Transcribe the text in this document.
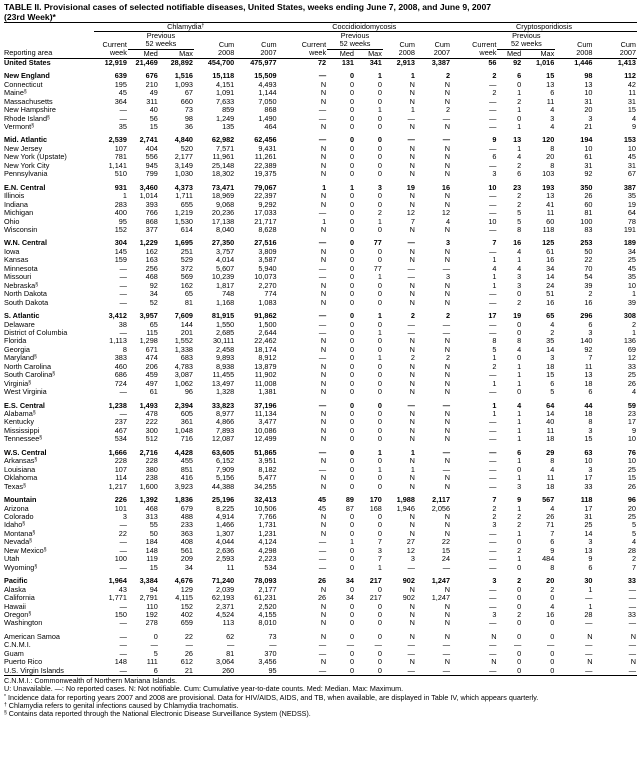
TABLE II. Provisional cases of selected notifiable diseases, United States, weeks ending June 7, 2008, and June 9, 2007
(23rd Week)*
	Chlamydia†					Coccidioidomycosis					Cryptosporidiosis				
		Previous					Previous					Previous			
	Current	52 weeks		Cum	Cum	Current	52 weeks		Cum	Cum	Current	52 weeks		Cum	Cum
Reporting area	week	Med	Max	2008	2007	week	Med	Max	2008	2007	week	Med	Max	2008	2007
United States	12,919	21,469	28,892	454,700	475,977	72	131	341	2,913	3,387	56	92	1,016	1,446	1,413

New England	639	676	1,516	15,118	15,509	—	0	1	1	2	2	6	15	98	112
Connecticut	195	210	1,093	4,151	4,493	N	0	0	N	N	—	0	13	13	42
Maine§	45	49	67	1,091	1,144	N	0	0	N	N	2	1	6	10	11
Massachusetts	364	311	660	7,633	7,050	N	0	0	N	N	—	2	11	31	31
New Hampshire	—	40	73	859	868	—	0	1	1	2	—	1	4	20	15
Rhode Island§	—	56	98	1,249	1,490	—	0	0	—	—	—	0	3	3	4
Vermont§	35	15	36	135	464	N	0	0	N	N	—	1	4	21	9

Mid. Atlantic	2,539	2,741	4,840	62,982	62,456	—	0	0	—	—	9	13	120	194	153
New Jersey	107	404	520	7,571	9,431	N	0	0	N	N	—	1	8	10	10
New York (Upstate)	781	556	2,177	11,961	11,261	N	0	0	N	N	6	4	20	61	45
New York City	1,141	945	3,149	25,148	22,389	N	0	0	N	N	—	2	8	31	31
Pennsylvania	510	799	1,030	18,302	19,375	N	0	0	N	N	3	6	103	92	67

E.N. Central	931	3,460	4,373	73,471	79,067	1	1	3	19	16	10	23	193	350	387
Illinois	1	1,014	1,711	18,969	22,397	N	0	0	N	N	—	2	13	26	35
Indiana	283	393	655	9,068	9,292	N	0	0	N	N	—	2	41	60	19
Michigan	400	766	1,219	20,236	17,033	—	0	2	12	12	—	5	11	81	64
Ohio	95	868	1,530	17,138	21,717	1	0	1	7	4	10	5	60	100	78
Wisconsin	152	377	614	8,040	8,628	N	0	0	N	N	—	8	118	83	191

W.N. Central	304	1,229	1,695	27,350	27,516	—	0	77	—	3	7	16	125	253	189
Iowa	145	162	251	3,757	3,809	N	0	0	N	N	—	4	61	50	34
Kansas	159	163	529	4,014	3,587	N	0	0	N	N	1	1	16	22	25
Minnesota	—	256	372	5,607	5,940	—	0	77	—	—	4	4	34	70	45
Missouri	—	468	569	10,239	10,073	—	0	1	—	3	1	3	14	54	35
Nebraska§	—	92	162	1,817	2,270	N	0	0	N	N	1	3	24	39	10
North Dakota	—	34	65	748	774	N	0	0	N	N	—	0	51	2	1
South Dakota	—	52	81	1,168	1,083	N	0	0	N	N	—	2	16	16	39

S. Atlantic	3,412	3,957	7,609	81,915	91,862	—	0	1	2	2	17	19	65	296	308
Delaware	38	65	144	1,550	1,500	—	0	0	—	—	—	0	4	6	2
District of Columbia	—	115	201	2,685	2,644	—	0	1	—	—	—	0	2	3	1
Florida	1,113	1,298	1,552	30,111	22,462	N	0	0	N	N	8	8	35	140	136
Georgia	8	671	1,338	2,458	18,174	N	0	0	N	N	5	4	14	92	69
Maryland§	383	474	683	9,893	8,912	—	0	1	2	2	1	0	3	7	12
North Carolina	460	206	4,783	8,938	13,879	N	0	0	N	N	2	1	18	11	33
South Carolina§	686	459	3,087	11,455	11,902	N	0	0	N	N	—	1	15	13	25
Virginia§	724	497	1,062	13,497	11,008	N	0	0	N	N	1	1	6	18	26
West Virginia	—	61	96	1,328	1,381	N	0	0	N	N	—	0	5	6	4

E.S. Central	1,238	1,493	2,394	33,823	37,196	—	0	0	—	—	1	4	64	44	59
Alabama§	—	478	605	8,977	11,134	N	0	0	N	N	1	1	14	18	23
Kentucky	237	222	361	4,866	3,477	N	0	0	N	N	—	1	40	8	17
Mississippi	467	300	1,048	7,893	10,086	N	0	0	N	N	—	1	11	3	9
Tennessee§	534	512	716	12,087	12,499	N	0	0	N	N	—	1	18	15	10

W.S. Central	1,666	2,716	4,428	63,605	51,865	—	0	1	1	—	—	6	29	63	76
Arkansas§	228	228	455	6,152	3,951	N	0	0	N	N	—	1	8	10	10
Louisiana	107	380	851	7,909	8,182	—	0	1	1	—	—	0	4	3	25
Oklahoma	114	238	416	5,156	5,477	N	0	0	N	N	—	1	11	17	15
Texas§	1,217	1,600	3,923	44,388	34,255	N	0	0	N	N	—	3	18	33	26

Mountain	226	1,392	1,836	25,196	32,413	45	89	170	1,988	2,117	7	9	567	118	96
Arizona	101	468	679	8,225	10,506	45	87	168	1,946	2,056	2	1	4	17	20
Colorado	3	313	488	4,914	7,766	N	0	0	N	N	2	2	26	31	25
Idaho§	—	55	233	1,466	1,731	N	0	0	N	N	3	2	71	25	5
Montana§	22	50	363	1,307	1,231	N	0	0	N	N	—	1	7	14	5
Nevada§	—	184	408	4,044	4,124	—	1	7	27	22	—	0	6	3	4
New Mexico§	—	148	561	2,636	4,298	—	0	3	12	15	—	2	9	13	28
Utah	100	119	209	2,593	2,223	—	0	7	3	24	—	1	484	9	2
Wyoming§	—	15	34	11	534	—	0	1	—	—	—	0	8	6	7

Pacific	1,964	3,384	4,676	71,240	78,093	26	34	217	902	1,247	3	2	20	30	33
Alaska	43	94	129	2,039	2,177	N	0	0	N	N	—	0	2	1	—
California	1,771	2,791	4,115	62,193	61,231	26	34	217	902	1,247	—	0	0	—	—
Hawaii	—	110	152	2,371	2,520	N	0	0	N	N	—	0	4	1	—
Oregon§	150	192	402	4,524	4,155	N	0	0	N	N	3	2	16	28	33
Washington	—	278	659	113	8,010	N	0	0	N	N	—	0	0	—	—

American Samoa	—	0	22	62	73	N	0	0	N	N	N	0	0	N	N
C.N.M.I.	—	—	—	—	—	—	—	—	—	—	—	—	—	—	—
Guam	—	5	26	81	370	—	0	0	—	—	—	0	0	—	—
Puerto Rico	148	111	612	3,064	3,456	N	0	0	N	N	N	0	0	N	N
U.S. Virgin Islands	—	6	21	260	95	—	0	0	—	—	—	0	0	—	—
C.N.M.I.: Commonwealth of Northern Mariana Islands.
U: Unavailable. —: No reported cases. N: Not notifiable. Cum: Cumulative year-to-date counts. Med: Median. Max: Maximum.
* Incidence data for reporting years 2007 and 2008 are provisional. Data for HIV/AIDS, AIDS, and TB, when available, are displayed in Table IV, which appears quarterly.
† Chlamydia refers to genital infections caused by Chlamydia trachomatis.
§ Contains data reported through the National Electronic Disease Surveillance System (NEDSS).
